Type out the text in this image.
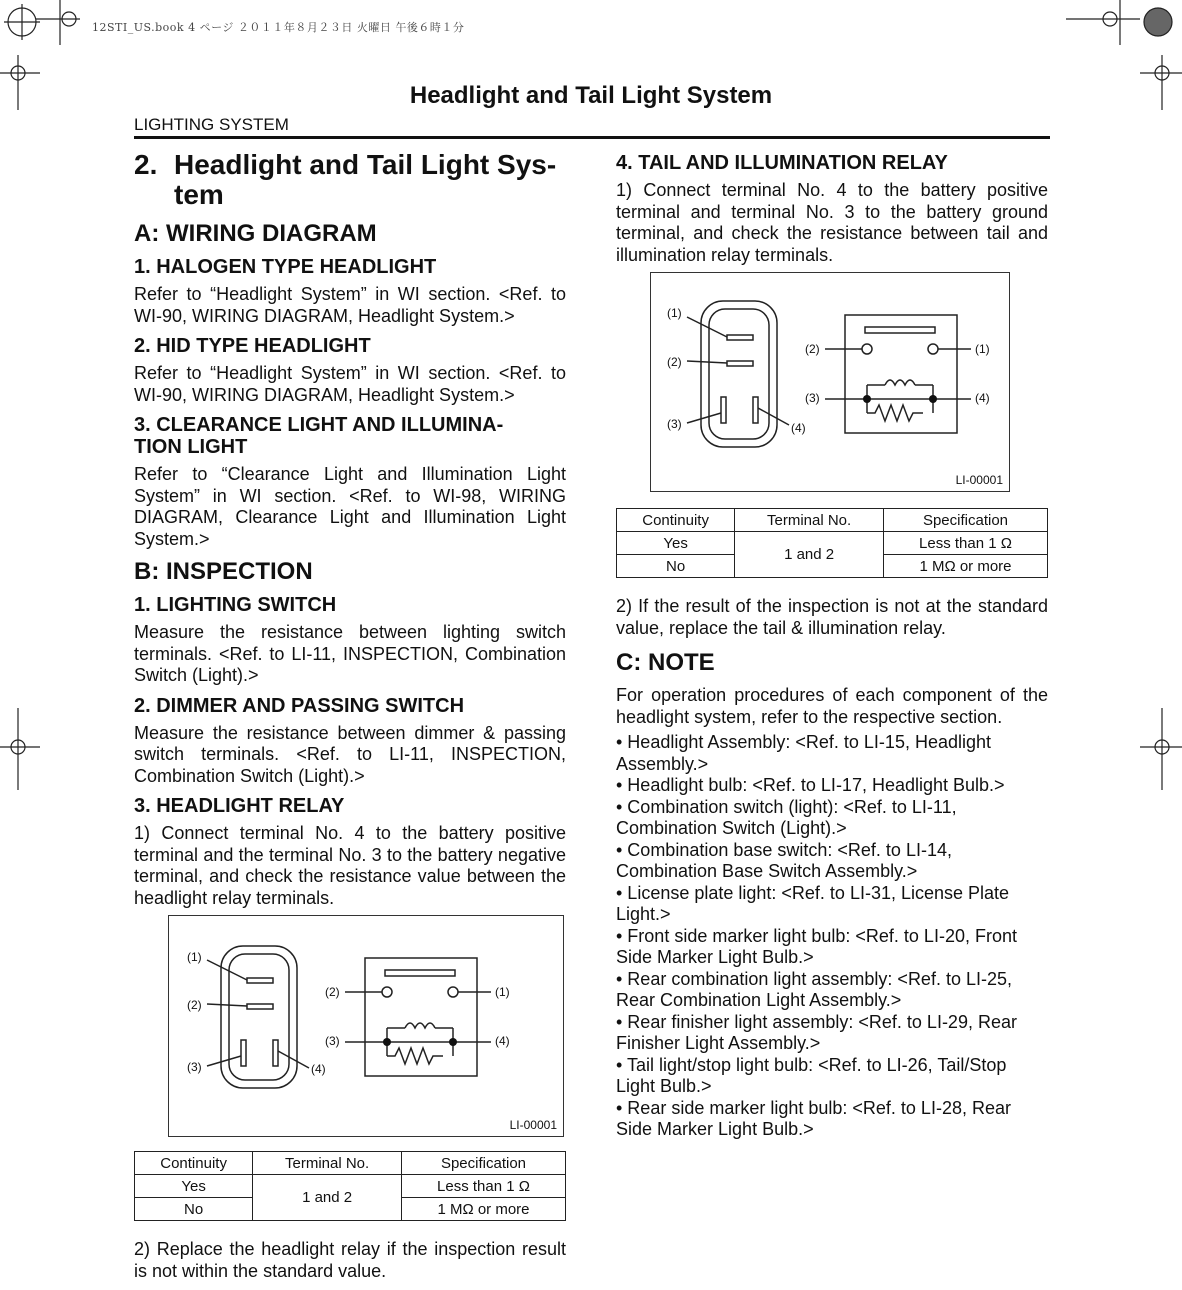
12STI_US.book 4 ページ ２０１１年８月２３日 火曜日 午後６時１分
Headlight and Tail Light System
LIGHTING SYSTEM
2. Headlight and Tail Light Sys-
tem
A: WIRING DIAGRAM
1. HALOGEN TYPE HEADLIGHT
Refer to “Headlight System” in WI section. <Ref. to WI-90, WIRING DIAGRAM, Headlight System.>
2. HID TYPE HEADLIGHT
Refer to “Headlight System” in WI section. <Ref. to WI-90, WIRING DIAGRAM, Headlight System.>
3. CLEARANCE LIGHT AND ILLUMINA-
TION LIGHT
Refer to “Clearance Light and Illumination Light System” in WI section. <Ref. to WI-98, WIRING DIAGRAM, Clearance Light and Illumination Light System.>
B: INSPECTION
1. LIGHTING SWITCH
Measure the resistance between lighting switch terminals. <Ref. to LI-11, INSPECTION, Combination Switch (Light).>
2. DIMMER AND PASSING SWITCH
Measure the resistance between dimmer & passing switch terminals. <Ref. to LI-11, INSPECTION, Combination Switch (Light).>
3. HEADLIGHT RELAY
1) Connect terminal No. 4 to the battery positive terminal and the terminal No. 3 to the battery negative terminal, and check the resistance value between the headlight relay terminals.
(1)
(2)
(3)	(4)
(2)	(1)
(3)	(4)
LI-00001
Continuity	Terminal No.	Specification
Yes	1 and 2	Less than 1 Ω
No		1 MΩ or more
2) Replace the headlight relay if the inspection result is not within the standard value.
4. TAIL AND ILLUMINATION RELAY
1) Connect terminal No. 4 to the battery positive terminal and terminal No. 3 to the battery ground terminal, and check the resistance between tail and illumination relay terminals.
(1)
(2)
(3)	(4)
(2)	(1)
(3)	(4)
LI-00001
Continuity	Terminal No.	Specification
Yes	1 and 2	Less than 1 Ω
No		1 MΩ or more
2) If the result of the inspection is not at the standard value, replace the tail & illumination relay.
C: NOTE
For operation procedures of each component of the headlight system, refer to the respective section.
• Headlight Assembly: <Ref. to LI-15, Headlight Assembly.>
• Headlight bulb: <Ref. to LI-17, Headlight Bulb.>
• Combination switch (light): <Ref. to LI-11, Combination Switch (Light).>
• Combination base switch: <Ref. to LI-14, Combination Base Switch Assembly.>
• License plate light: <Ref. to LI-31, License Plate Light.>
• Front side marker light bulb: <Ref. to LI-20, Front Side Marker Light Bulb.>
• Rear combination light assembly: <Ref. to LI-25, Rear Combination Light Assembly.>
• Rear finisher light assembly: <Ref. to LI-29, Rear Finisher Light Assembly.>
• Tail light/stop light bulb: <Ref. to LI-26, Tail/Stop Light Bulb.>
• Rear side marker light bulb: <Ref. to LI-28, Rear Side Marker Light Bulb.>
